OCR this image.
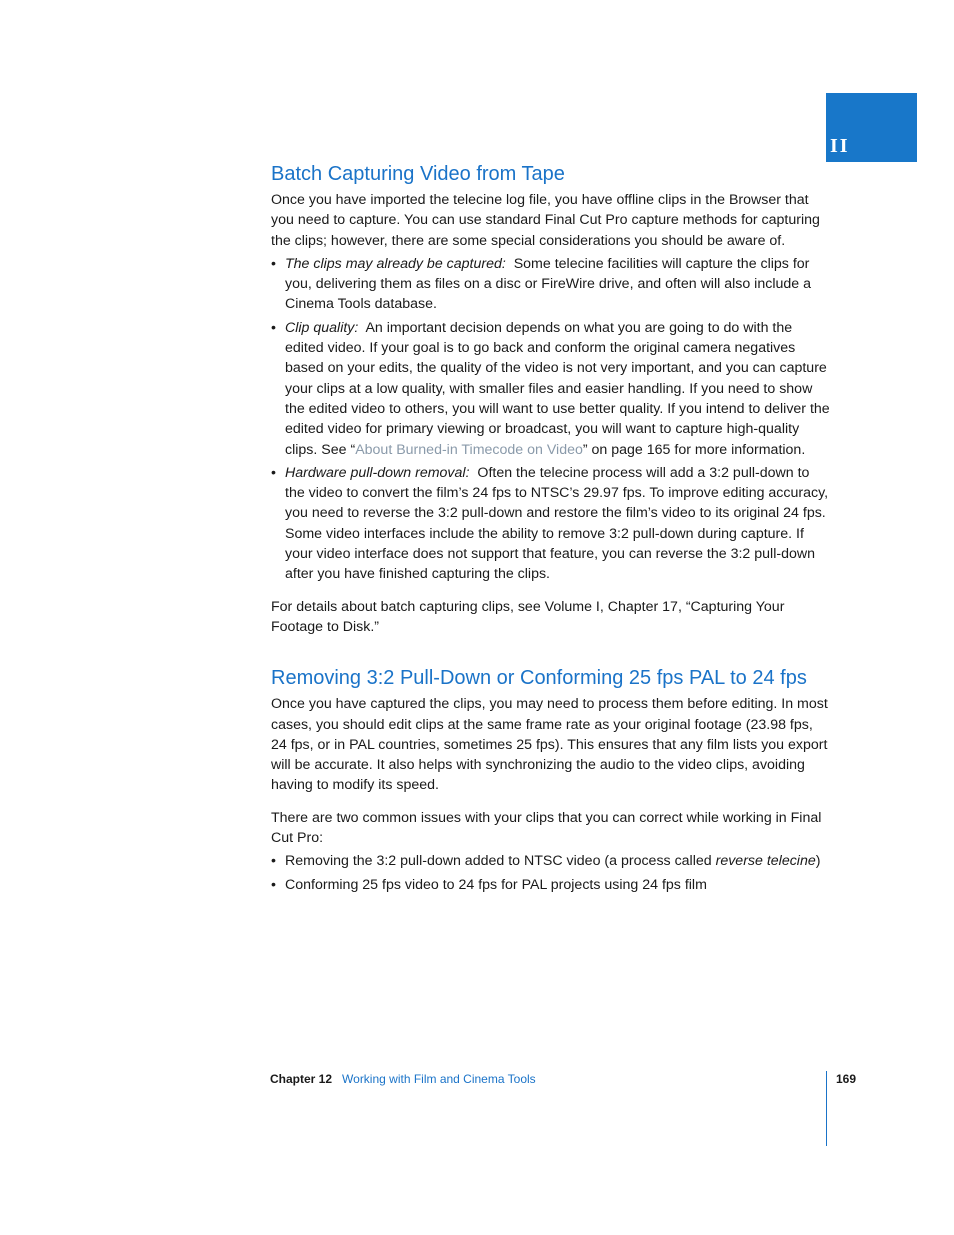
II
Batch Capturing Video from Tape

Once you have imported the telecine log file, you have offline clips in the Browser that you need to capture. You can use standard Final Cut Pro capture methods for capturing the clips; however, there are some special considerations you should be aware of.

• The clips may already be captured: Some telecine facilities will capture the clips for you, delivering them as files on a disc or FireWire drive, and often will also include a Cinema Tools database.
• Clip quality: An important decision depends on what you are going to do with the edited video. If your goal is to go back and conform the original camera negatives based on your edits, the quality of the video is not very important, and you can capture your clips at a low quality, with smaller files and easier handling. If you need to show the edited video to others, you will want to use better quality. If you intend to deliver the edited video for primary viewing or broadcast, you will want to capture high-quality clips. See “About Burned-in Timecode on Video” on page 165 for more information.
• Hardware pull-down removal: Often the telecine process will add a 3:2 pull-down to the video to convert the film’s 24 fps to NTSC’s 29.97 fps. To improve editing accuracy, you need to reverse the 3:2 pull-down and restore the film’s video to its original 24 fps. Some video interfaces include the ability to remove 3:2 pull-down during capture. If your video interface does not support that feature, you can reverse the 3:2 pull-down after you have finished capturing the clips.

For details about batch capturing clips, see Volume I, Chapter 17, “Capturing Your Footage to Disk.”

Removing 3:2 Pull-Down or Conforming 25 fps PAL to 24 fps

Once you have captured the clips, you may need to process them before editing. In most cases, you should edit clips at the same frame rate as your original footage (23.98 fps, 24 fps, or in PAL countries, sometimes 25 fps). This ensures that any film lists you export will be accurate. It also helps with synchronizing the audio to the video clips, avoiding having to modify its speed.

There are two common issues with your clips that you can correct while working in Final Cut Pro:

• Removing the 3:2 pull-down added to NTSC video (a process called reverse telecine)
• Conforming 25 fps video to 24 fps for PAL projects using 24 fps film
Chapter 12 Working with Film and Cinema Tools	169
